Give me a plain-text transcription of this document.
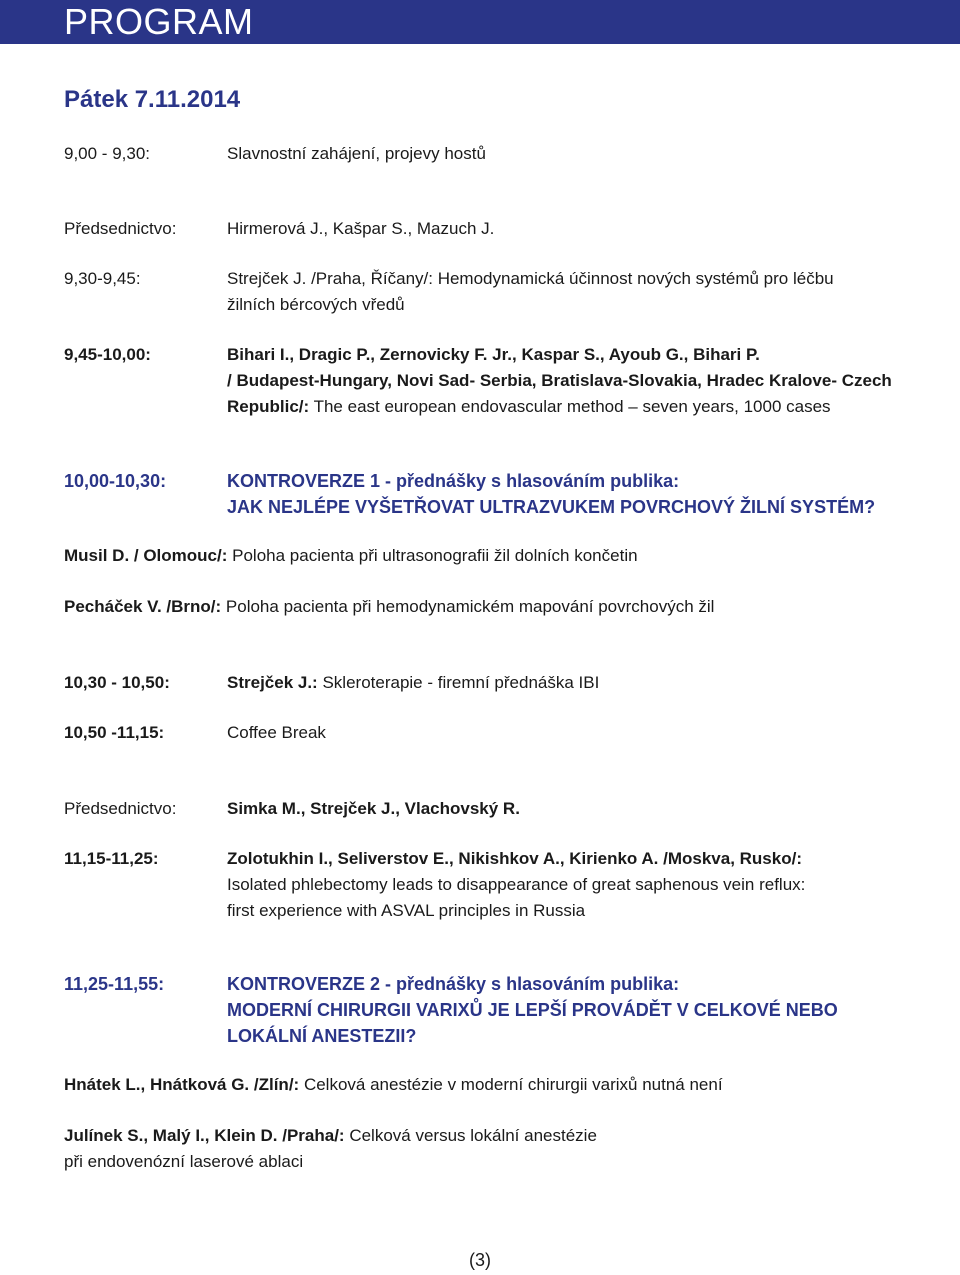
PROGRAM
Pátek 7.11.2014
9,00 - 9,30:	Slavnostní zahájení, projevy hostů
Předsednictvo:	Hirmerová J., Kašpar S., Mazuch J.
9,30-9,45:	Strejček J. /Praha, Říčany/: Hemodynamická účinnost nových systémů pro léčbu
žilních bércových vředů
9,45-10,00:	Bihari I., Dragic P., Zernovicky F. Jr., Kaspar S., Ayoub G., Bihari P.
/ Budapest-Hungary, Novi Sad- Serbia, Bratislava-Slovakia, Hradec Kralove- Czech
Republic/: The east european endovascular method – seven years, 1000 cases
10,00-10,30:	KONTROVERZE 1 - přednášky s hlasováním publika:
JAK NEJLÉPE VYŠETŘOVAT ULTRAZVUKEM POVRCHOVÝ ŽILNÍ SYSTÉM?
Musil D. / Olomouc/: Poloha pacienta při ultrasonografii žil dolních končetin
Pecháček V. /Brno/: Poloha pacienta při hemodynamickém mapování povrchových žil
10,30 - 10,50:	Strejček J.: Skleroterapie - firemní přednáška IBI
10,50 -11,15:	Coffee Break
Předsednictvo:	Simka M., Strejček J., Vlachovský R.
11,15-11,25:	Zolotukhin I., Seliverstov E., Nikishkov A., Kirienko A. /Moskva, Rusko/:
Isolated phlebectomy leads to disappearance of great saphenous vein reflux:
first experience with ASVAL principles in Russia
11,25-11,55:	KONTROVERZE 2 - přednášky s hlasováním publika:
MODERNÍ CHIRURGII VARIXŮ JE LEPŠÍ PROVÁDĚT V CELKOVÉ NEBO
LOKÁLNÍ ANESTEZII?
Hnátek L., Hnátková G. /Zlín/: Celková anestézie v moderní chirurgii varixů nutná není
Julínek S., Malý I., Klein D. /Praha/: Celková versus lokální anestézie
při endovenózní laserové ablaci
(3)
